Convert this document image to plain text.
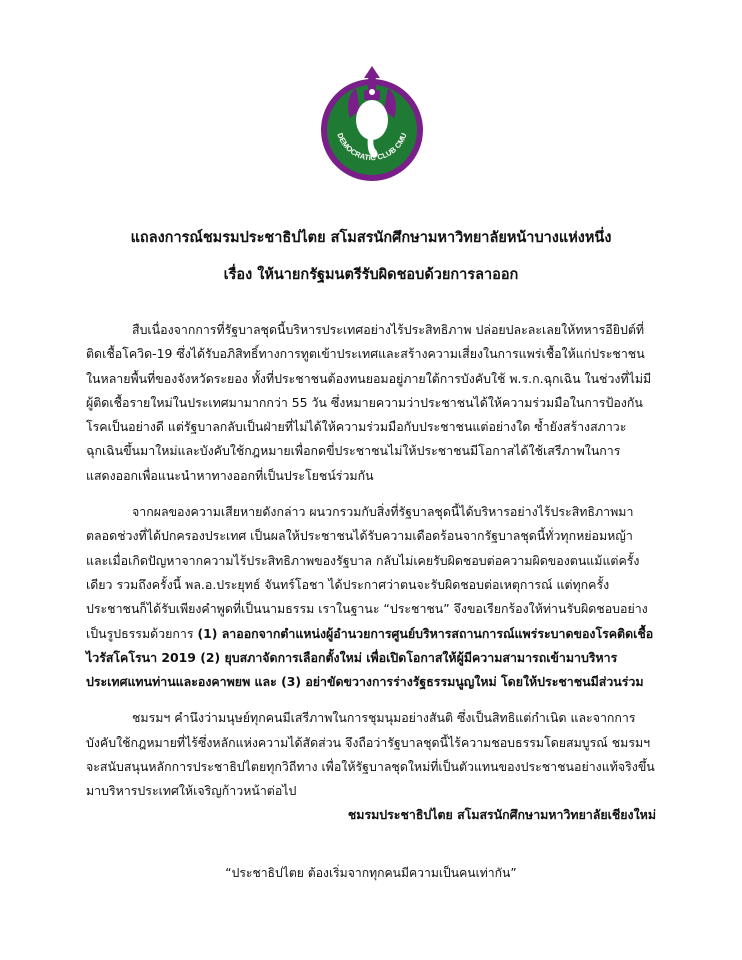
DEMOCRATIC CLUB CMU
แถลงการณ์ชมรมประชาธิปไตย สโมสรนักศึกษามหาวิทยาลัยหน้าบางแห่งหนึ่ง
เรื่อง ให้นายกรัฐมนตรีรับผิดชอบด้วยการลาออก

สืบเนื่องจากการที่รัฐบาลชุดนี้บริหารประเทศอย่างไร้ประสิทธิภาพ ปล่อยปละละเลยให้ทหารอียิปต์ที่ติดเชื้อโควิด-19 ซึ่งได้รับอภิสิทธิ์ทางการทูตเข้าประเทศและสร้างความเสี่ยงในการแพร่เชื้อให้แก่ประชาชนในหลายพื้นที่ของจังหวัดระยอง ทั้งที่ประชาชนต้องทนยอมอยู่ภายใต้การบังคับใช้ พ.ร.ก.ฉุกเฉิน ในช่วงที่ไม่มีผู้ติดเชื้อรายใหม่ในประเทศมามากกว่า 55 วัน ซึ่งหมายความว่าประชาชนได้ให้ความร่วมมือในการป้องกันโรคเป็นอย่างดี แต่รัฐบาลกลับเป็นฝ่ายที่ไม่ได้ให้ความร่วมมือกับประชาชนแต่อย่างใด ซ้ำยังสร้างสภาวะฉุกเฉินขึ้นมาใหม่และบังคับใช้กฎหมายเพื่อกดขี่ประชาชนไม่ให้ประชาชนมีโอกาสได้ใช้เสรีภาพในการแสดงออกเพื่อแนะนำหาทางออกที่เป็นประโยชน์ร่วมกัน

จากผลของความเสียหายดังกล่าว ผนวกรวมกับสิ่งที่รัฐบาลชุดนี้ได้บริหารอย่างไร้ประสิทธิภาพมาตลอดช่วงที่ได้ปกครองประเทศ เป็นผลให้ประชาชนได้รับความเดือดร้อนจากรัฐบาลชุดนี้ทั่วทุกหย่อมหญ้า และเมื่อเกิดปัญหาจากความไร้ประสิทธิภาพของรัฐบาล กลับไม่เคยรับผิดชอบต่อความผิดของตนแม้แต่ครั้งเดียว รวมถึงครั้งนี้ พล.อ.ประยุทธ์ จันทร์โอชา ได้ประกาศว่าตนจะรับผิดชอบต่อเหตุการณ์ แต่ทุกครั้งประชาชนก็ได้รับเพียงคำพูดที่เป็นนามธรรม เราในฐานะ “ประชาชน” จึงขอเรียกร้องให้ท่านรับผิดชอบอย่างเป็นรูปธรรมด้วยการ (1) ลาออกจากตำแหน่งผู้อำนวยการศูนย์บริหารสถานการณ์แพร่ระบาดของโรคติดเชื้อไวรัสโคโรนา 2019 (2) ยุบสภาจัดการเลือกตั้งใหม่ เพื่อเปิดโอกาสให้ผู้มีความสามารถเข้ามาบริหารประเทศแทนท่านและองคาพยพ และ (3) อย่าขัดขวางการร่างรัฐธรรมนูญใหม่ โดยให้ประชาชนมีส่วนร่วม

ชมรมฯ คำนึงว่ามนุษย์ทุกคนมีเสรีภาพในการชุมนุมอย่างสันติ ซึ่งเป็นสิทธิแต่กำเนิด และจากการบังคับใช้กฎหมายที่ไร้ซึ่งหลักแห่งความได้สัดส่วน จึงถือว่ารัฐบาลชุดนี้ไร้ความชอบธรรมโดยสมบูรณ์ ชมรมฯ จะสนับสนุนหลักการประชาธิปไตยทุกวิถีทาง เพื่อให้รัฐบาลชุดใหม่ที่เป็นตัวแทนของประชาชนอย่างแท้จริงขึ้นมาบริหารประเทศให้เจริญก้าวหน้าต่อไป

ชมรมประชาธิปไตย สโมสรนักศึกษามหาวิทยาลัยเชียงใหม่
“ประชาธิปไตย ต้องเริ่มจากทุกคนมีความเป็นคนเท่ากัน”
